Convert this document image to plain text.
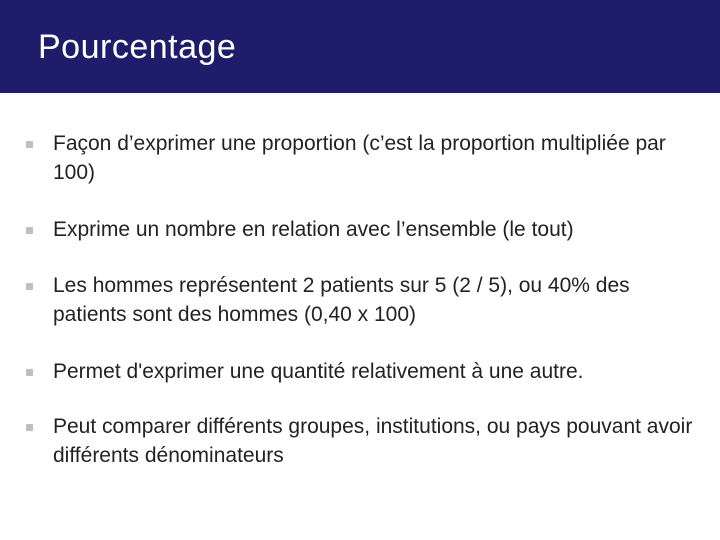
Pourcentage
Façon d’exprimer une proportion (c’est la proportion multipliée par 100)
Exprime un nombre en relation avec l’ensemble (le tout)
Les hommes représentent 2 patients sur 5 (2 / 5), ou 40% des patients sont des hommes (0,40 x 100)
Permet d'exprimer une quantité relativement à une autre.
Peut comparer différents groupes, institutions, ou pays pouvant avoir différents dénominateurs
